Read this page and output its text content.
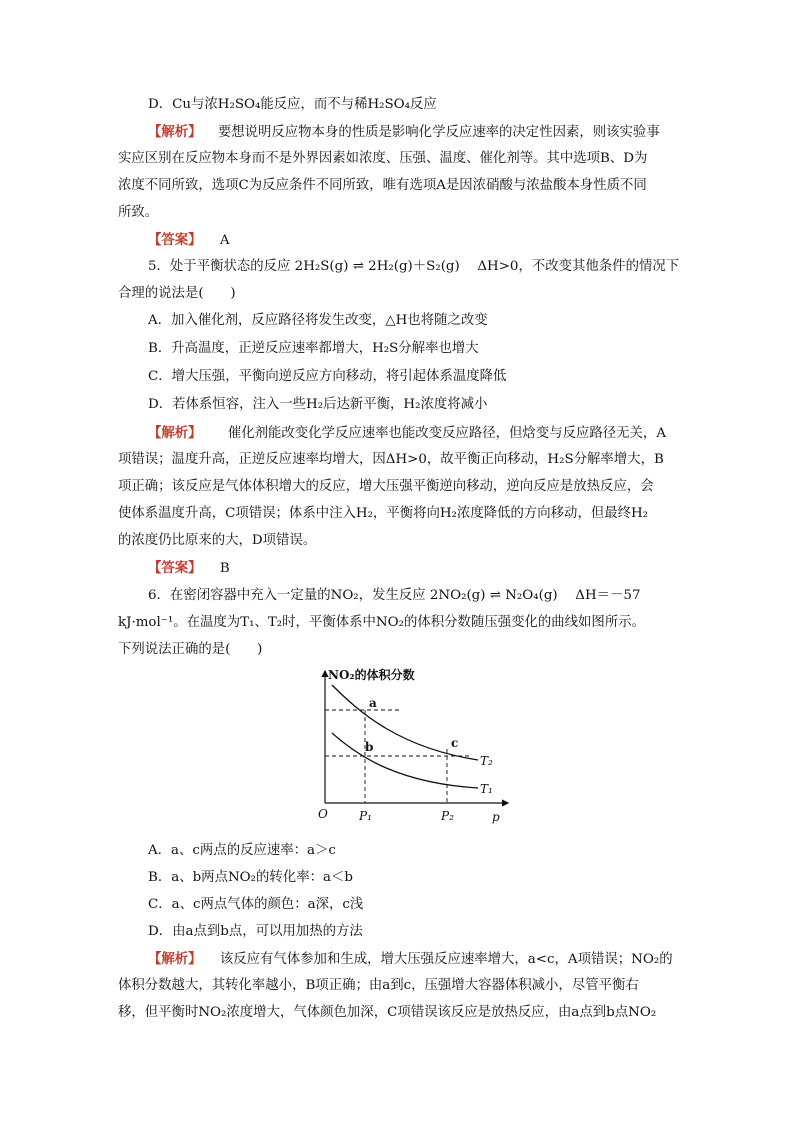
D．Cu与浓H₂SO₄能反应，而不与稀H₂SO₄反应
【解析】 要想说明反应物本身的性质是影响化学反应速率的决定性因素，则该实验事
实应区别在反应物本身而不是外界因素如浓度、压强、温度、催化剂等。其中选项B、D为
浓度不同所致，选项C为反应条件不同所致，唯有选项A是因浓硝酸与浓盐酸本身性质不同
所致。
【答案】 A
5．处于平衡状态的反应 2H₂S(g) ⇌ 2H₂(g)＋S₂(g)　 ΔH>0，不改变其他条件的情况下
合理的说法是(　　)
A．加入催化剂，反应路径将发生改变，△H也将随之改变
B．升高温度，正逆反应速率都增大，H₂S分解率也增大
C．增大压强，平衡向逆反应方向移动，将引起体系温度降低
D．若体系恒容，注入一些H₂后达新平衡，H₂浓度将减小
【解析】 催化剂能改变化学反应速率也能改变反应路径，但焓变与反应路径无关，A
项错误；温度升高，正逆反应速率均增大，因ΔH>0，故平衡正向移动，H₂S分解率增大，B
项正确；该反应是气体体积增大的反应，增大压强平衡逆向移动，逆向反应是放热反应，会
使体系温度升高，C项错误；体系中注入H₂，平衡将向H₂浓度降低的方向移动，但最终H₂
的浓度仍比原来的大，D项错误。
【答案】 B
6．在密闭容器中充入一定量的NO₂，发生反应 2NO₂(g) ⇌ N₂O₄(g)　 ΔH＝－57
kJ·mol⁻¹。在温度为T₁、T₂时，平衡体系中NO₂的体积分数随压强变化的曲线如图所示。
下列说法正确的是(　　)
NO₂的体积分数
a
b	c
T₂
T₁
O	P₁	P₂	p
A．a、c两点的反应速率：a＞c
B．a、b两点NO₂的转化率：a＜b
C．a、c两点气体的颜色：a深，c浅
D．由a点到b点，可以用加热的方法
【解析】 该反应有气体参加和生成，增大压强反应速率增大，a<c，A项错误；NO₂的
体积分数越大，其转化率越小，B项正确；由a到c，压强增大容器体积减小，尽管平衡右
移，但平衡时NO₂浓度增大，气体颜色加深，C项错误该反应是放热反应，由a点到b点NO₂
